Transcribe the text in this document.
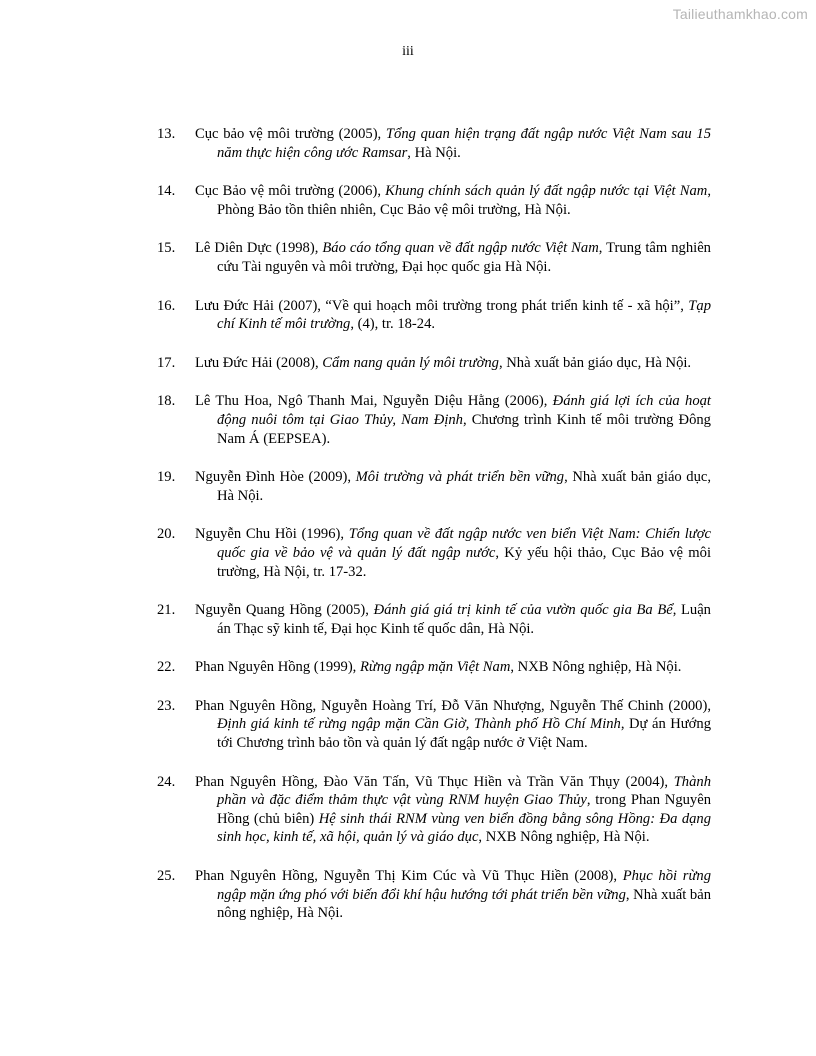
Tailieuthamkhao.com
iii
13.	Cục bảo vệ môi trường (2005), Tổng quan hiện trạng đất ngập nước Việt Nam sau 15 năm thực hiện công ước Ramsar, Hà Nội.
14.	Cục Bảo vệ môi trường (2006), Khung chính sách quản lý đất ngập nước tại Việt Nam, Phòng Bảo tồn thiên nhiên, Cục Bảo vệ môi trường, Hà Nội.
15.	Lê Diên Dực (1998), Báo cáo tổng quan về đất ngập nước Việt Nam, Trung tâm nghiên cứu Tài nguyên và môi trường, Đại học quốc gia Hà Nội.
16.	Lưu Đức Hải (2007), “Về qui hoạch môi trường trong phát triển kinh tế - xã hội”, Tạp chí Kinh tế môi trường, (4), tr. 18-24.
17.	Lưu Đức Hải (2008), Cẩm nang quản lý môi trường, Nhà xuất bản giáo dục, Hà Nội.
18.	Lê Thu Hoa, Ngô Thanh Mai, Nguyễn Diệu Hằng (2006), Đánh giá lợi ích của hoạt động nuôi tôm tại Giao Thủy, Nam Định, Chương trình Kinh tế môi trường Đông Nam Á (EEPSEA).
19.	Nguyễn Đình Hòe (2009), Môi trường và phát triển bền vững, Nhà xuất bản giáo dục, Hà Nội.
20.	Nguyễn Chu Hồi (1996), Tổng quan về đất ngập nước ven biển Việt Nam: Chiến lược quốc gia về bảo vệ và quản lý đất ngập nước, Kỷ yếu hội thảo, Cục Bảo vệ môi trường, Hà Nội, tr. 17-32.
21.	Nguyễn Quang Hồng (2005), Đánh giá giá trị kinh tế của vườn quốc gia Ba Bể, Luận án Thạc sỹ kinh tế, Đại học Kinh tế quốc dân, Hà Nội.
22.	Phan Nguyên Hồng (1999), Rừng ngập mặn Việt Nam, NXB Nông nghiệp, Hà Nội.
23.	Phan Nguyên Hồng, Nguyễn Hoàng Trí, Đỗ Văn Nhượng, Nguyễn Thế Chinh (2000), Định giá kinh tế rừng ngập mặn Cần Giờ, Thành phố Hồ Chí Minh, Dự án Hướng tới Chương trình bảo tồn và quản lý đất ngập nước ở Việt Nam.
24.	Phan Nguyên Hồng, Đào Văn Tấn, Vũ Thục Hiền và Trần Văn Thụy (2004), Thành phần và đặc điểm thảm thực vật vùng RNM huyện Giao Thủy, trong Phan Nguyên Hồng (chủ biên) Hệ sinh thái RNM vùng ven biển đồng bằng sông Hồng: Đa dạng sinh học, kinh tế, xã hội, quản lý và giáo dục, NXB Nông nghiệp, Hà Nội.
25.	Phan Nguyên Hồng, Nguyễn Thị Kim Cúc và Vũ Thục Hiền (2008), Phục hồi rừng ngập mặn ứng phó với biến đổi khí hậu hướng tới phát triển bền vững, Nhà xuất bản nông nghiệp, Hà Nội.
